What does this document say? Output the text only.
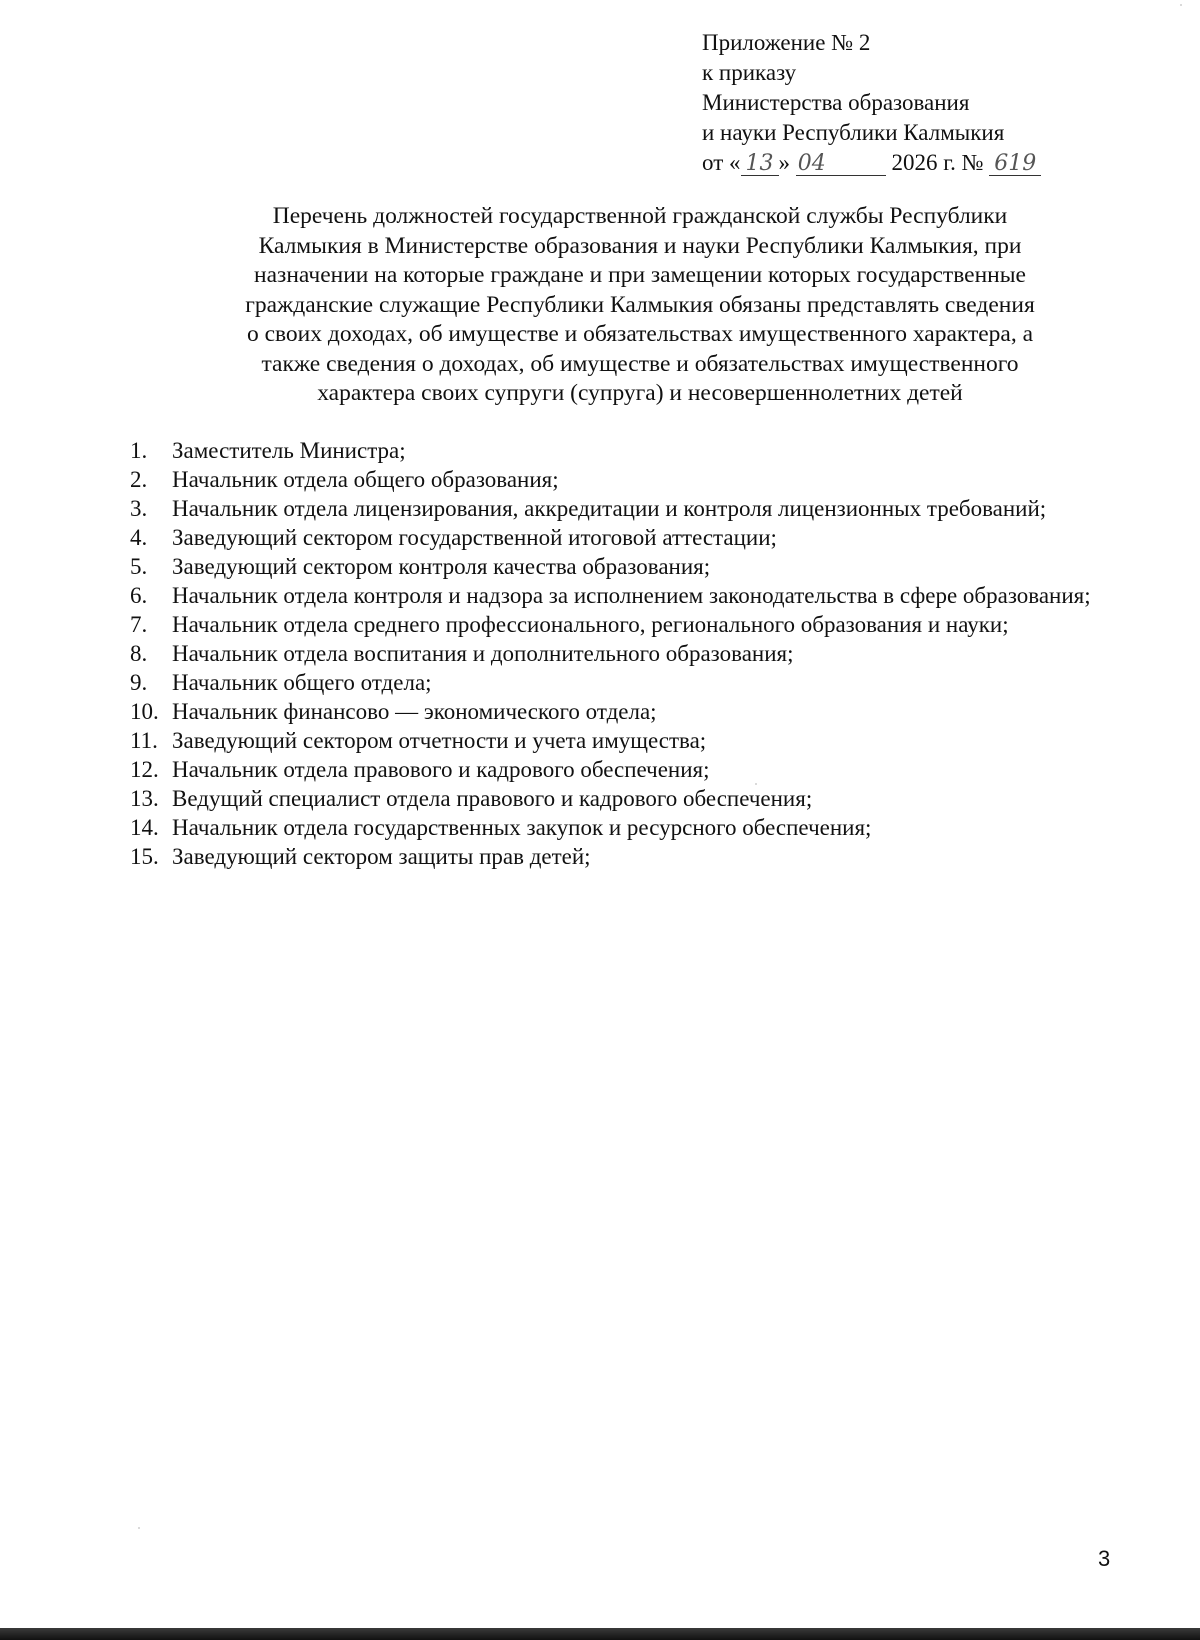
Приложение № 2
к приказу
Министерства образования
и науки Республики Калмыкия
от « 13 » 04	2026 г. № 619
Перечень должностей государственной гражданской службы Республики
Калмыкия в Министерстве образования и науки Республики Калмыкия, при
назначении на которые граждане и при замещении которых государственные
гражданские служащие Республики Калмыкия обязаны представлять сведения
о своих доходах, об имуществе и обязательствах имущественного характера, а
также сведения о доходах, об имуществе и обязательствах имущественного
характера своих супруги (супруга) и несовершеннолетних детей
1.	Заместитель Министра;
2.	Начальник отдела общего образования;
3.	Начальник отдела лицензирования, аккредитации и контроля лицензионных требований;
4.	Заведующий сектором государственной итоговой аттестации;
5.	Заведующий сектором контроля качества образования;
6.	Начальник отдела контроля и надзора за исполнением законодательства в сфере образования;
7.	Начальник отдела среднего профессионального, регионального образования и науки;
8.	Начальник отдела воспитания и дополнительного образования;
9.	Начальник общего отдела;
10. Начальник финансово — экономического отдела;
11. Заведующий сектором отчетности и учета имущества;
12. Начальник отдела правового и кадрового обеспечения;
13. Ведущий специалист отдела правового и кадрового обеспечения;
14. Начальник отдела государственных закупок и ресурсного обеспечения;
15. Заведующий сектором защиты прав детей;
3
